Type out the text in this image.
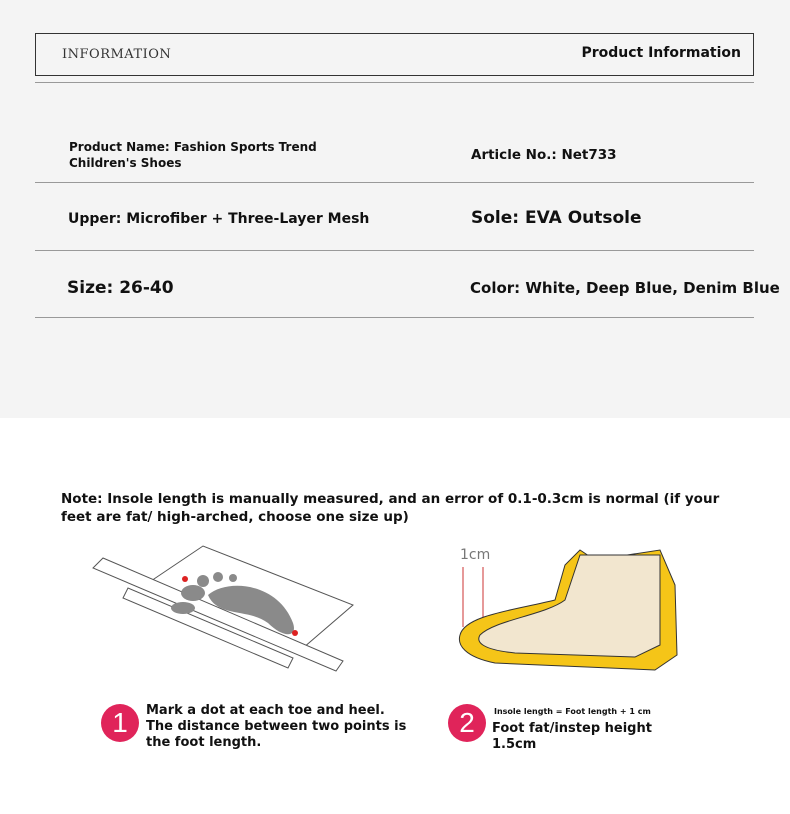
INFORMATION	Product Information
Product Name: Fashion Sports Trend Children's Shoes	Article No.: Net733
Upper: Microfiber + Three-Layer Mesh	Sole: EVA Outsole
Size: 26-40	Color: White, Deep Blue, Denim Blue
Note: Insole length is manually measured, and an error of 0.1-0.3cm is normal (if your feet are fat/ high-arched, choose one size up)
1cm
1	Mark a dot at each toe and heel. The distance between two points is the foot length.
2	Insole length = Foot length + 1 cm
Foot fat/instep height 1.5cm
